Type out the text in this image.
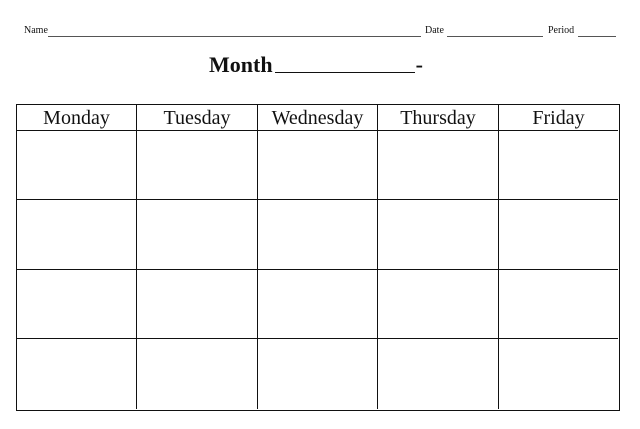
Name	Date	Period
Month	-
Monday	Tuesday	Wednesday	Thursday	Friday
